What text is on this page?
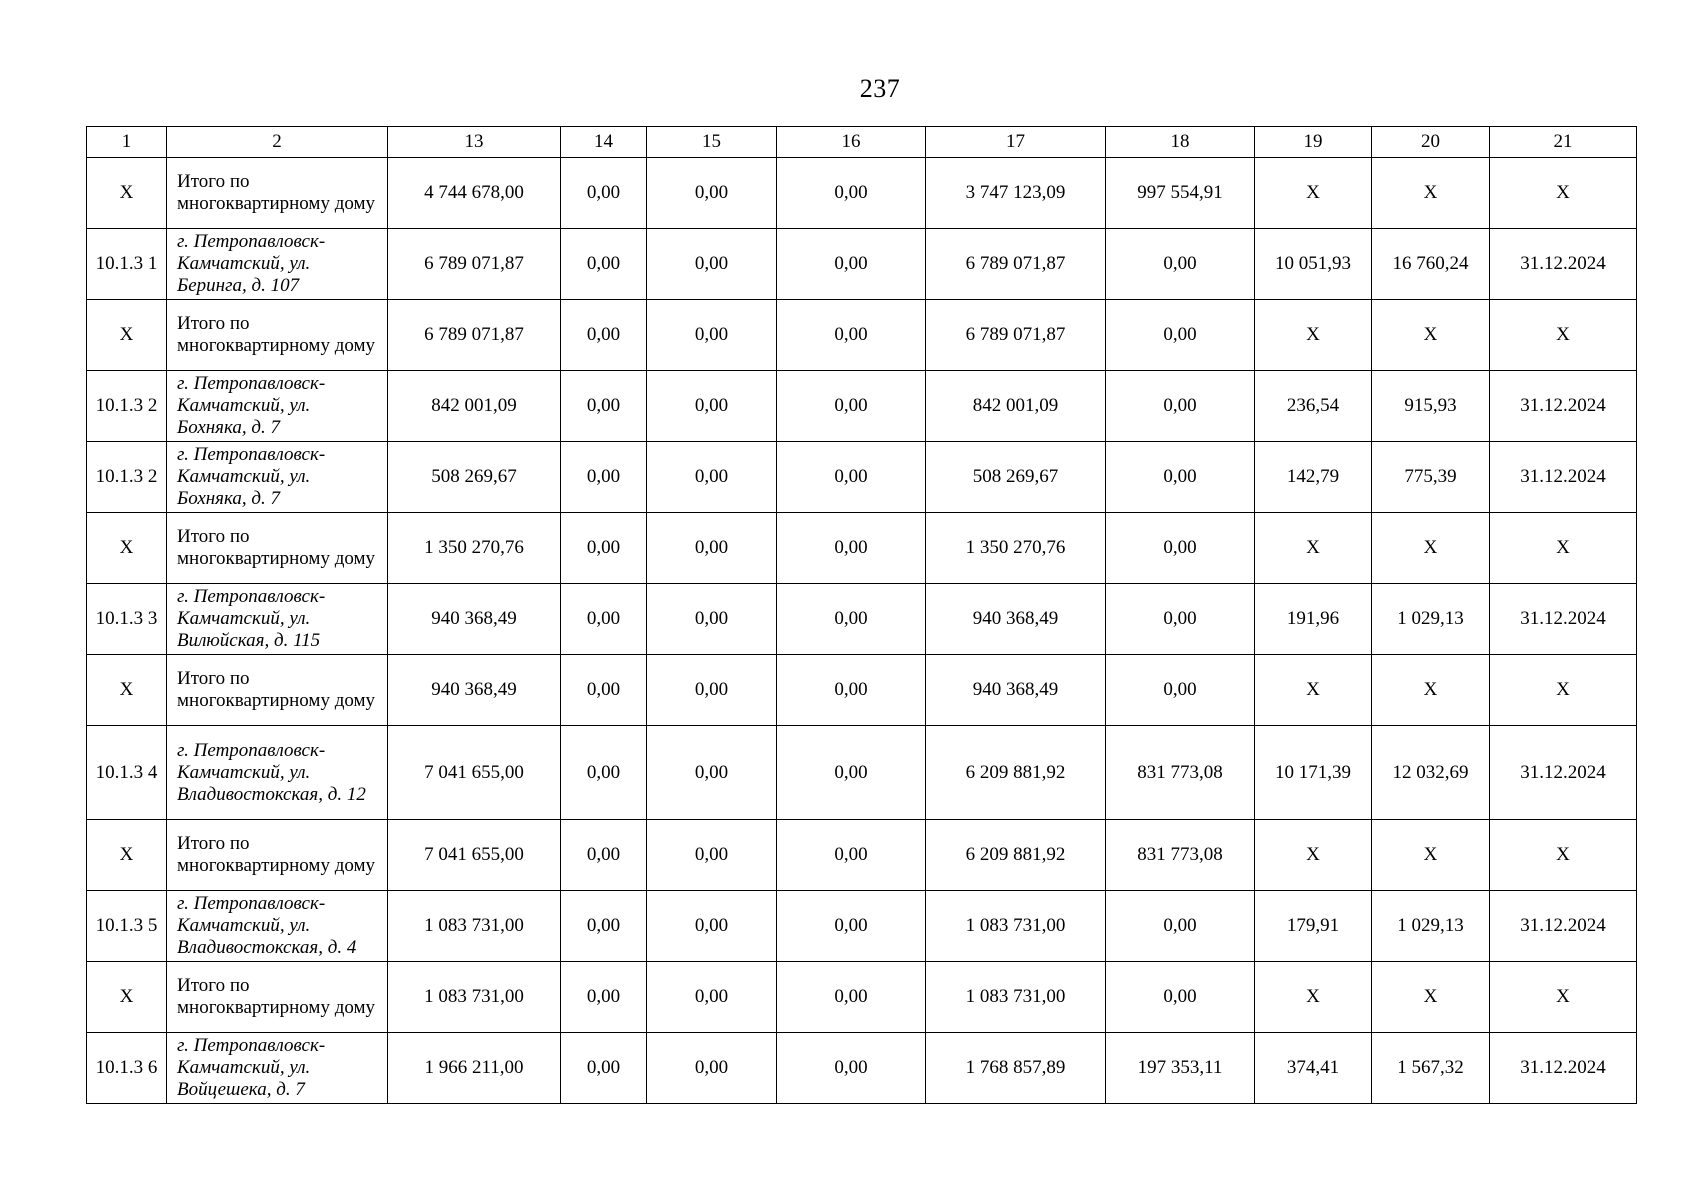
237
1	2	13	14	15	16	17	18	19	20	21
X	Итого по многоквартирному дому	4 744 678,00	0,00	0,00	0,00	3 747 123,09	997 554,91	X	X	X
10.1.3 1	г. Петропавловск-Камчатский, ул. Беринга, д. 107	6 789 071,87	0,00	0,00	0,00	6 789 071,87	0,00	10 051,93	16 760,24	31.12.2024
X	Итого по многоквартирному дому	6 789 071,87	0,00	0,00	0,00	6 789 071,87	0,00	X	X	X
10.1.3 2	г. Петропавловск-Камчатский, ул. Бохняка, д. 7	842 001,09	0,00	0,00	0,00	842 001,09	0,00	236,54	915,93	31.12.2024
10.1.3 2	г. Петропавловск-Камчатский, ул. Бохняка, д. 7	508 269,67	0,00	0,00	0,00	508 269,67	0,00	142,79	775,39	31.12.2024
X	Итого по многоквартирному дому	1 350 270,76	0,00	0,00	0,00	1 350 270,76	0,00	X	X	X
10.1.3 3	г. Петропавловск-Камчатский, ул. Вилюйская, д. 115	940 368,49	0,00	0,00	0,00	940 368,49	0,00	191,96	1 029,13	31.12.2024
X	Итого по многоквартирному дому	940 368,49	0,00	0,00	0,00	940 368,49	0,00	X	X	X
10.1.3 4	г. Петропавловск-Камчатский, ул. Владивостокская, д. 12	7 041 655,00	0,00	0,00	0,00	6 209 881,92	831 773,08	10 171,39	12 032,69	31.12.2024
X	Итого по многоквартирному дому	7 041 655,00	0,00	0,00	0,00	6 209 881,92	831 773,08	X	X	X
10.1.3 5	г. Петропавловск-Камчатский, ул. Владивостокская, д. 4	1 083 731,00	0,00	0,00	0,00	1 083 731,00	0,00	179,91	1 029,13	31.12.2024
X	Итого по многоквартирному дому	1 083 731,00	0,00	0,00	0,00	1 083 731,00	0,00	X	X	X
10.1.3 6	г. Петропавловск-Камчатский, ул. Войцешека, д. 7	1 966 211,00	0,00	0,00	0,00	1 768 857,89	197 353,11	374,41	1 567,32	31.12.2024
